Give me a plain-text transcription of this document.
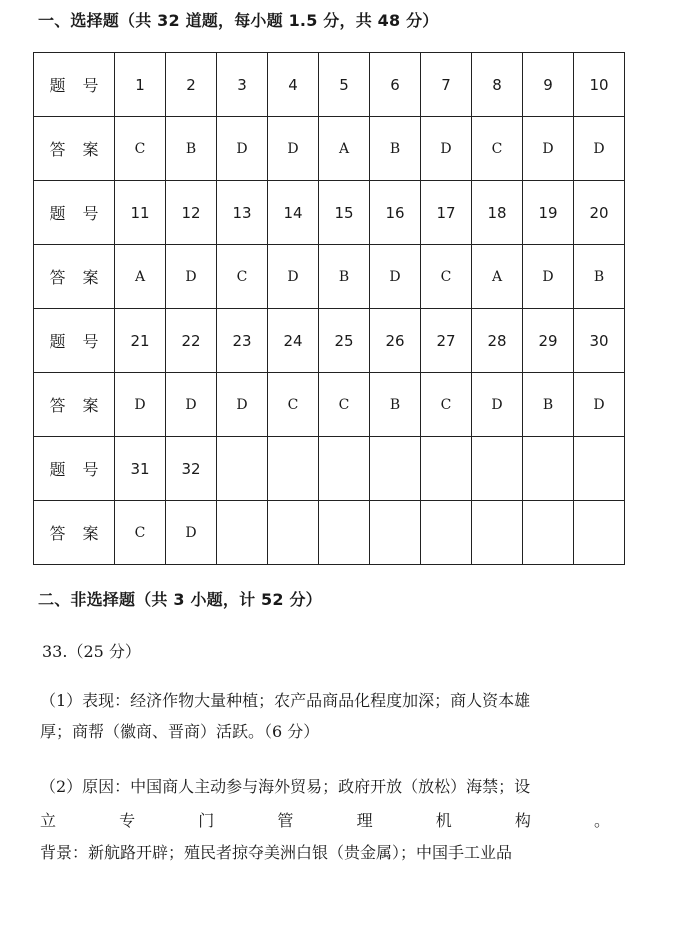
一、选择题（共 32 道题，每小题 1.5 分，共 48 分）
题 号	1	2	3	4	5	6	7	8	9	10
答 案	C	B	D	D	A	B	D	C	D	D
题 号	11	12	13	14	15	16	17	18	19	20
答 案	A	D	C	D	B	D	C	A	D	B
题 号	21	22	23	24	25	26	27	28	29	30
答 案	D	D	D	C	C	B	C	D	B	D
题 号	31	32								
答 案	C	D								
二、非选择题（共 3 小题，计 52 分）
33.（25 分）
（1）表现：经济作物大量种植；农产品商品化程度加深；商人资本雄
厚；商帮（徽商、晋商）活跃。（6 分）
（2）原因：中国商人主动参与海外贸易；政府开放（放松）海禁；设
立	专	门	管	理	机	构	。
背景：新航路开辟；殖民者掠夺美洲白银（贵金属）；中国手工业品
